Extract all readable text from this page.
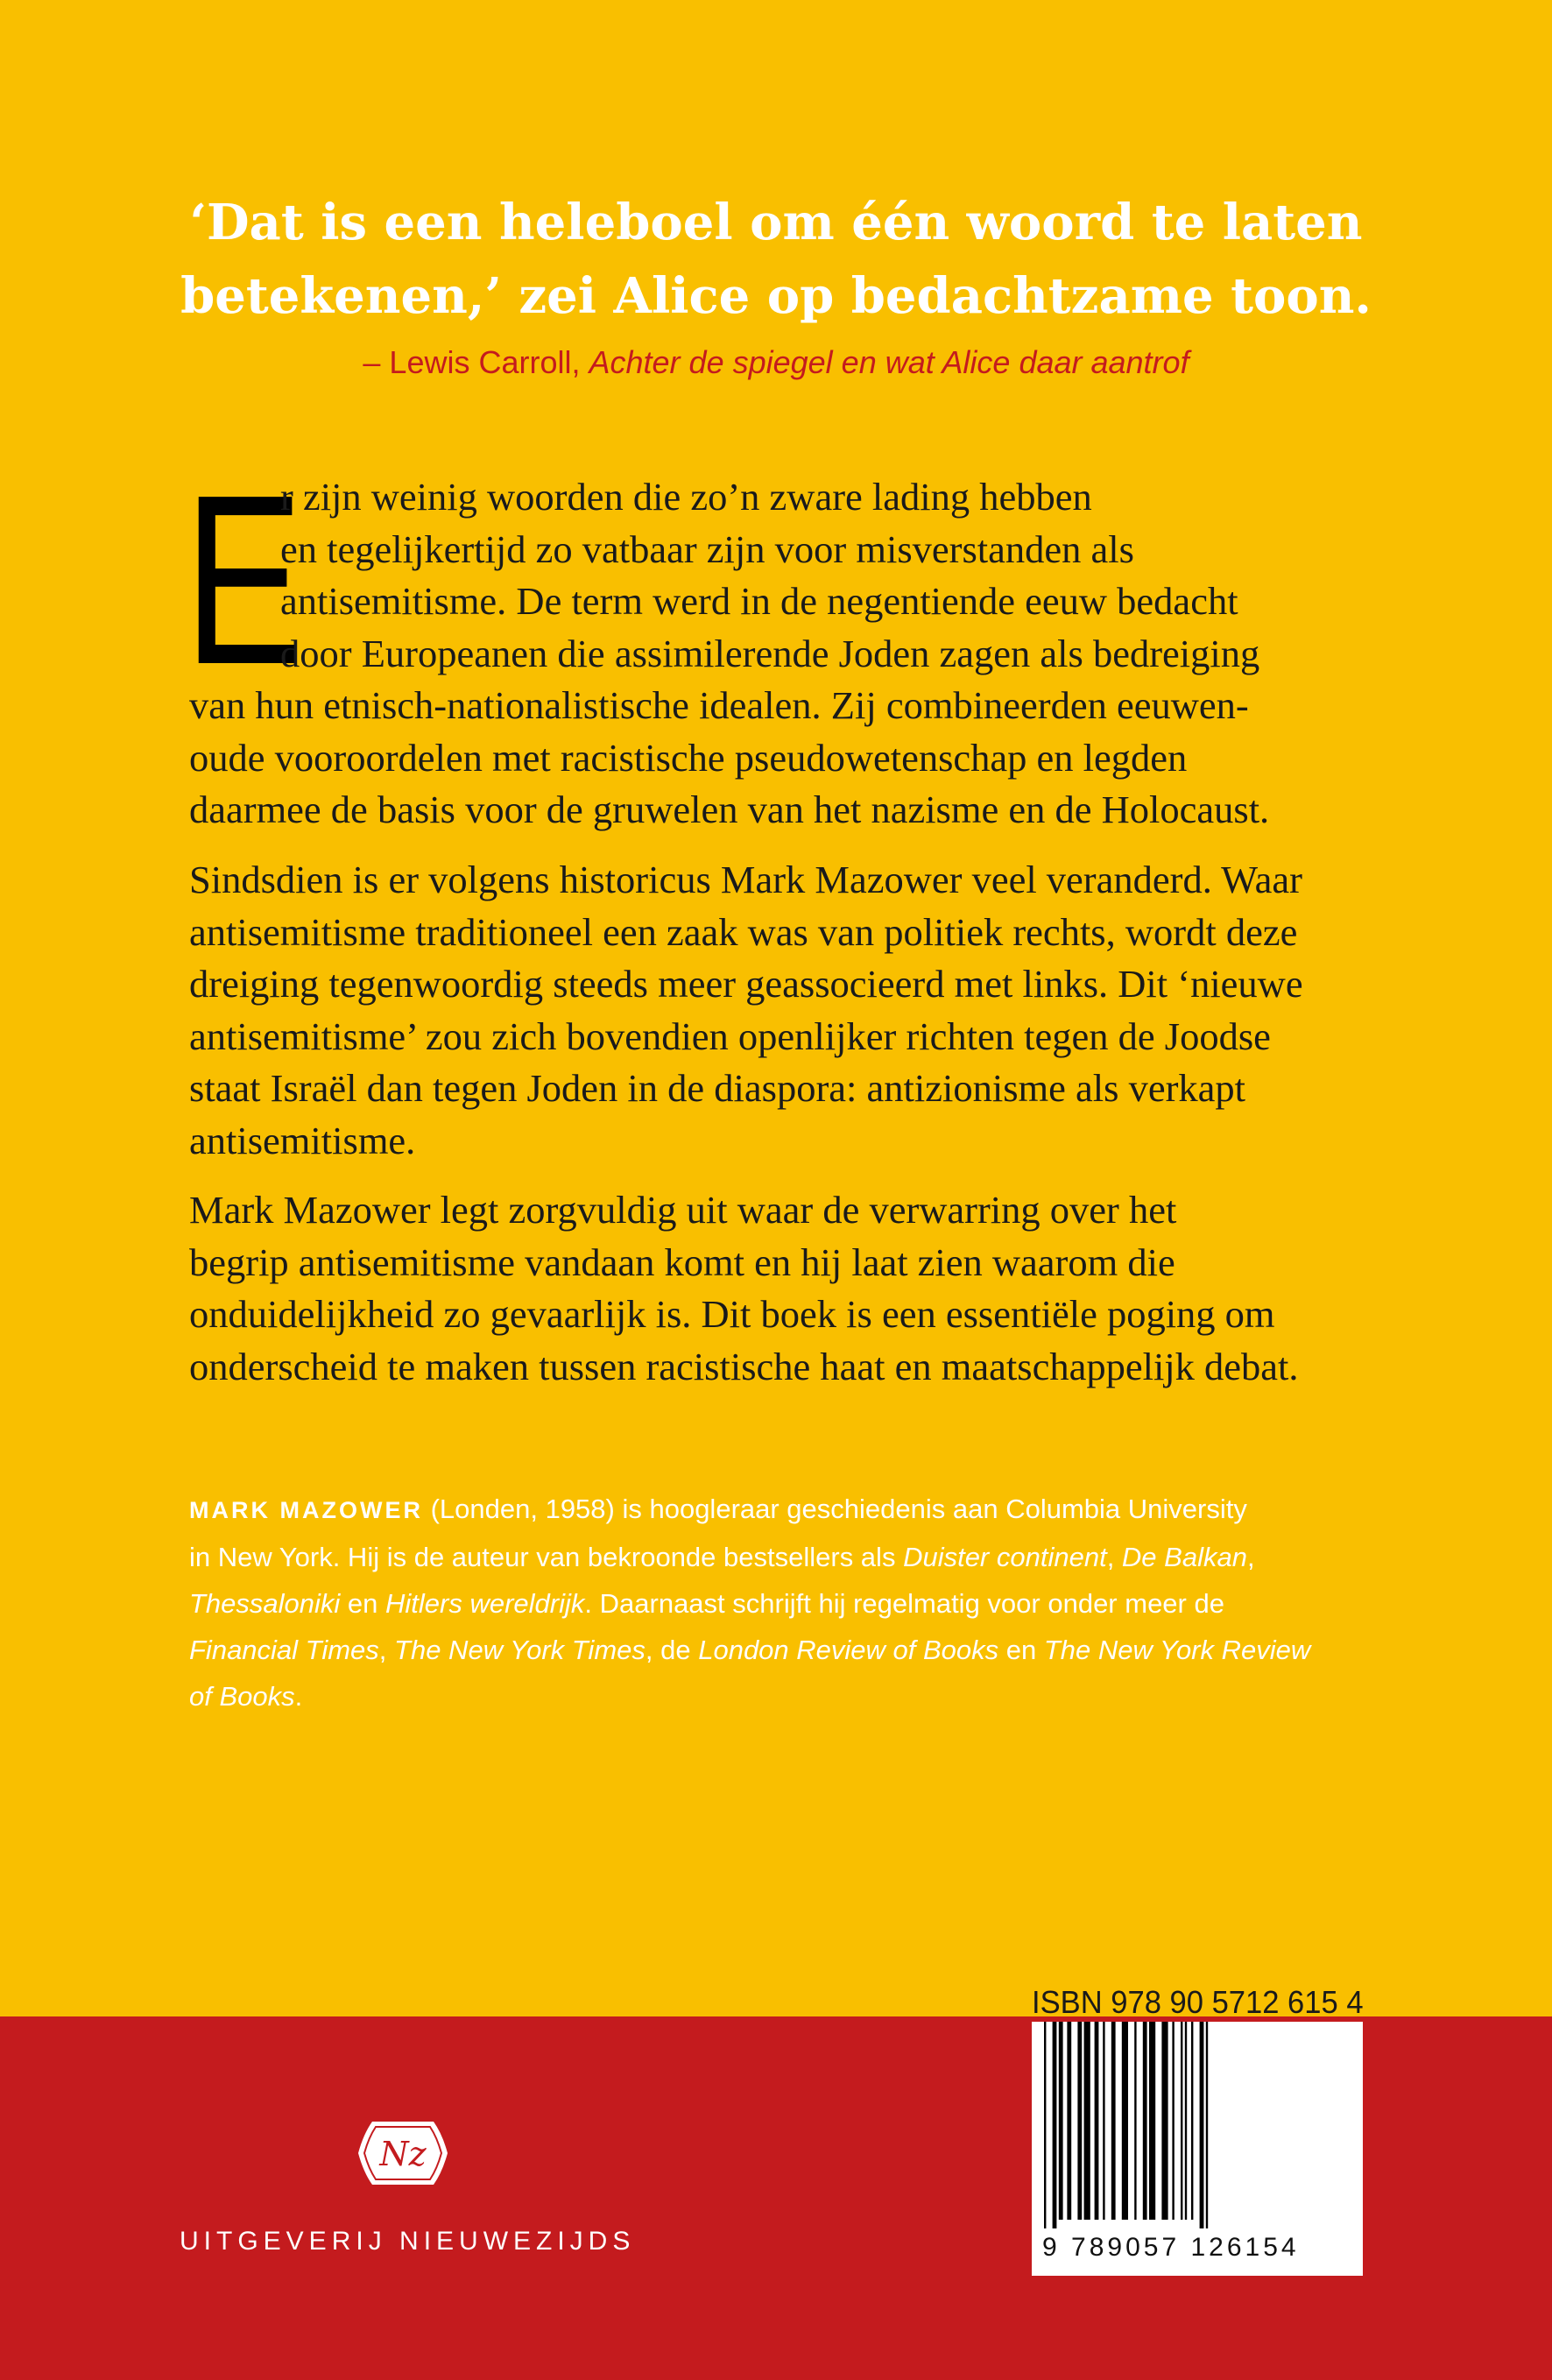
‘Dat is een heleboel om één woord te laten
betekenen,’ zei Alice op bedachtzame toon.
– Lewis Carroll, Achter de spiegel en wat Alice daar aantrof
E
r zijn weinig woorden die zo’n zware lading hebben
en tegelijkertijd zo vatbaar zijn voor misverstanden als
antisemitisme. De term werd in de negentiende eeuw bedacht
door Europeanen die assimilerende Joden zagen als bedreiging
van hun etnisch-nationalistische idealen. Zij combineerden eeuwen-
oude vooroordelen met racistische pseudowetenschap en legden
daarmee de basis voor de gruwelen van het nazisme en de Holocaust.
Sindsdien is er volgens historicus Mark Mazower veel veranderd. Waar
antisemitisme traditioneel een zaak was van politiek rechts, wordt deze
dreiging tegenwoordig steeds meer geassocieerd met links. Dit ‘nieuwe
antisemitisme’ zou zich bovendien openlijker richten tegen de Joodse
staat Israël dan tegen Joden in de diaspora: antizionisme als verkapt
antisemitisme.
Mark Mazower legt zorgvuldig uit waar de verwarring over het
begrip antisemitisme vandaan komt en hij laat zien waarom die
onduidelijkheid zo gevaarlijk is. Dit boek is een essentiële poging om
onderscheid te maken tussen racistische haat en maatschappelijk debat.
MARK MAZOWER (Londen, 1958) is hoogleraar geschiedenis aan Columbia University
in New York. Hij is de auteur van bekroonde bestsellers als Duister continent, De Balkan,
Thessaloniki en Hitlers wereldrijk. Daarnaast schrijft hij regelmatig voor onder meer de
Financial Times, The New York Times, de London Review of Books en The New York Review
of Books.
Nz
UITGEVERIJ NIEUWEZIJDS
ISBN 978 90 5712 615 4
9 789057 126154
